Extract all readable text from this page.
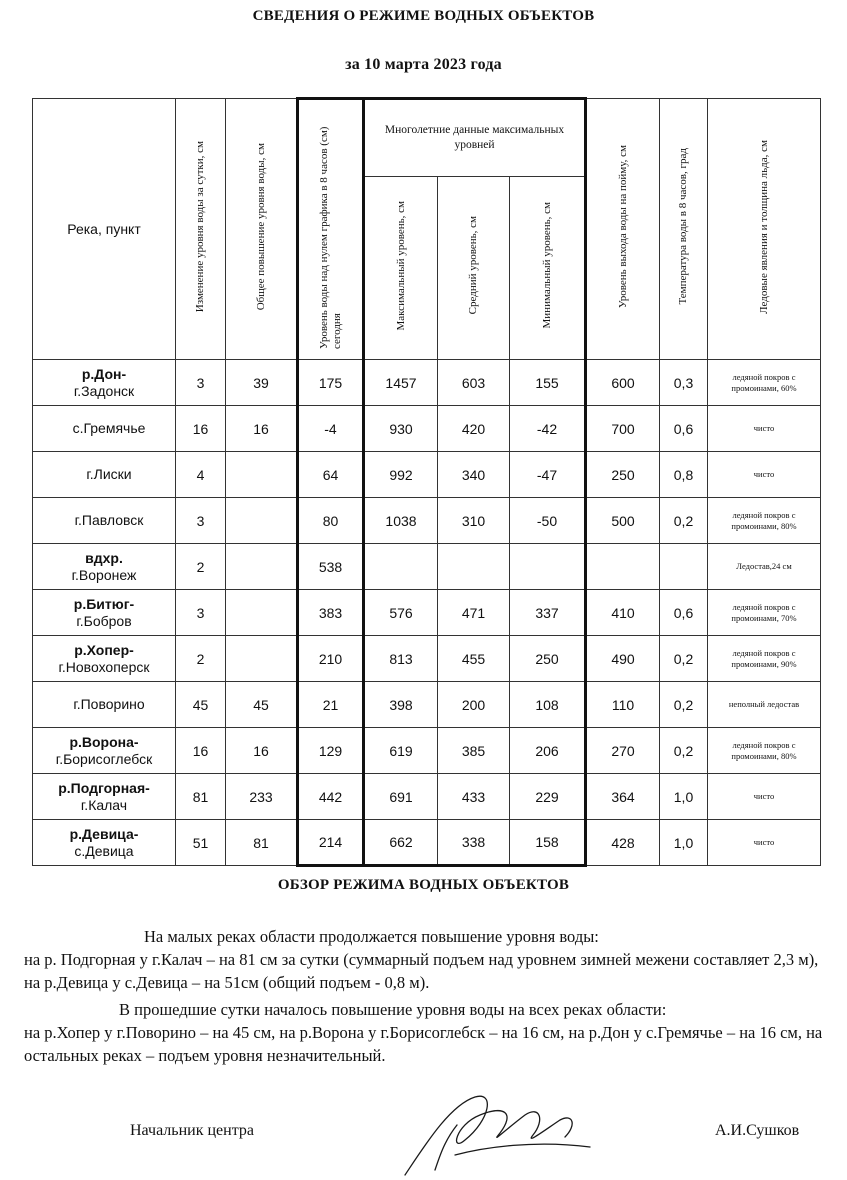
СВЕДЕНИЯ О РЕЖИМЕ ВОДНЫХ ОБЪЕКТОВ
за 10 марта 2023 года
Река, пункт	Изменение уровня воды за сутки, см	Общее повышение уровня воды, см	Уровень воды над нулем графика в 8 часов (см) сегодня	Многолетние данные максимальных уровней			Уровень выхода воды на пойму, см	Температура воды в 8 часов, град	Ледовые явления и толщина льда, см
				Максимальный уровень, см	Средний уровень, см	Минимальный уровень, см			

р.Дон-
г.Задонск	3	39	175	1457	603	155	600	0,3	ледяной покров с промоинами, 60%

с.Гремячье	16	16	-4	930	420	-42	700	0,6	чисто

г.Лиски	4		64	992	340	-47	250	0,8	чисто

г.Павловск	3		80	1038	310	-50	500	0,2	ледяной покров с промоинами, 80%

вдхр.
г.Воронеж	2		538						Ледостав,24 см

р.Битюг-
г.Бобров	3		383	576	471	337	410	0,6	ледяной покров с промоинами, 70%

р.Хопер-
г.Новохоперск	2		210	813	455	250	490	0,2	ледяной покров с промоинами, 90%

г.Поворино	45	45	21	398	200	108	110	0,2	неполный ледостав

р.Ворона-
г.Борисоглебск	16	16	129	619	385	206	270	0,2	ледяной покров с промоинами, 80%

р.Подгорная-
г.Калач	81	233	442	691	433	229	364	1,0	чисто

р.Девица-
с.Девица	51	81	214	662	338	158	428	1,0	чисто
ОБЗОР РЕЖИМА ВОДНЫХ ОБЪЕКТОВ
На малых реках области продолжается повышение уровня воды:
на р. Подгорная у г.Калач – на 81 см за сутки (суммарный подъем над уровнем зимней межени составляет 2,3 м), на р.Девица у с.Девица – на 51см (общий подъем - 0,8 м).
В прошедшие сутки началось повышение уровня воды на всех реках области:
на р.Хопер у г.Поворино – на 45 см, на р.Ворона у г.Борисоглебск – на 16 см, на р.Дон у с.Гремячье – на 16 см, на остальных реках – подъем уровня незначительный.
Начальник центра	А.И.Сушков
